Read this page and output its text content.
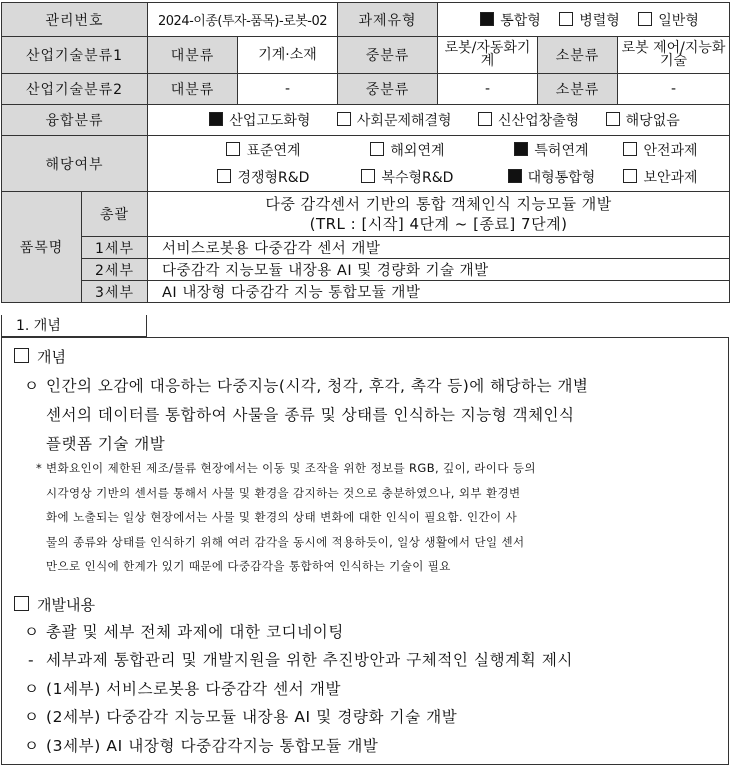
관리번호		2024-이종(투자-품목)-로봇-02		과제유형	통합형 병렬형 일반형		
산업기술분류1		대분류	기계·소재	중분류	로봇/자동화기계	소분류	로봇 제어/지능화기술
산업기술분류2		대분류	-	중분류	-	소분류	-
융합분류		산업고도화형 사회문제해결형 신산업창출형 해당없음					
해당여부		표준연계 해외연계 특허연계 안전과제					
		경쟁형R&D 복수형R&D 대형통합형 보안과제					
품목명	총괄	다중 감각센서 기반의 통합 객체인식 지능모듈 개발
(TRL : [시작] 4단계 ~ [종료] 7단계)					

	1세부	서비스로봇용 다중감각 센서 개발					
	2세부	다중감각 지능모듈 내장용 AI 및 경량화 기술 개발					
	3세부	AI 내장형 다중감각 지능 통합모듈 개발					
1. 개념
개념
ㅇ 인간의 오감에 대응하는 다중지능(시각, 청각, 후각, 촉각 등)에 해당하는 개별
센서의 데이터를 통합하여 사물을 종류 및 상태를 인식하는 지능형 객체인식
플랫폼 기술 개발
* 변화요인이 제한된 제조/물류 현장에서는 이동 및 조작을 위한 정보를 RGB, 깊이, 라이다 등의
시각영상 기반의 센서를 통해서 사물 및 환경을 감지하는 것으로 충분하였으나, 외부 환경변
화에 노출되는 일상 현장에서는 사물 및 환경의 상태 변화에 대한 인식이 필요함. 인간이 사
물의 종류와 상태를 인식하기 위해 여러 감각을 동시에 적용하듯이, 일상 생활에서 단일 센서
만으로 인식에 한계가 있기 때문에 다중감각을 통합하여 인식하는 기술이 필요
개발내용
ㅇ 총괄 및 세부 전체 과제에 대한 코디네이팅
- 세부과제 통합관리 및 개발지원을 위한 추진방안과 구체적인 실행계획 제시
ㅇ (1세부) 서비스로봇용 다중감각 센서 개발
ㅇ (2세부) 다중감각 지능모듈 내장용 AI 및 경량화 기술 개발
ㅇ (3세부) AI 내장형 다중감각지능 통합모듈 개발
